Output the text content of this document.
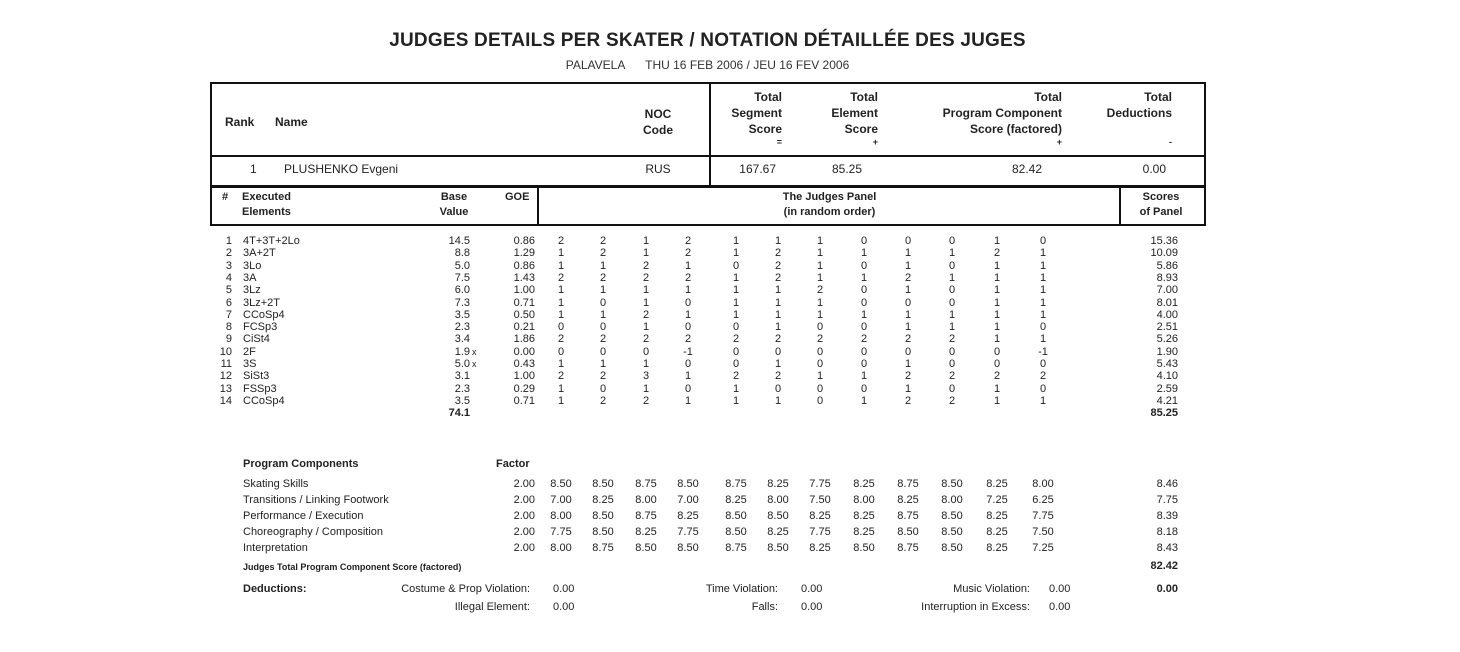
JUDGES DETAILS PER SKATER / NOTATION DÉTAILLÉE DES JUGES
PALAVELA THU 16 FEB 2006 / JEU 16 FEV 2006
Rank Name
NOC
Code
Total
Segment
Score
=
Total
Element
Score
+
Total
Program Component
Score (factored)
+
Total
Deductions
-
1 PLUSHENKO Evgeni	RUS	167.67	85.25	82.42	0.00
# Executed
Elements
Base
Value
GOE	The Judges Panel
(in random order)
Scores
of Panel
1 4T+3T+2Lo	14.5	0.86	2	2	1	2	1	1	1	0	0	0	1	0	15.36
2 3A+2T	8.8	1.29	1	2	1	2	1	2	1	1	1	1	2	1	10.09
3 3Lo	5.0	0.86	1	1	2	1	0	2	1	0	1	0	1	1	5.86
4 3A	7.5	1.43	2	2	2	2	1	2	1	1	2	1	1	1	8.93
5 3Lz	6.0	1.00	1	1	1	1	1	1	2	0	1	0	1	1	7.00
6 3Lz+2T	7.3	0.71	1	0	1	0	1	1	1	0	0	0	1	1	8.01
7 CCoSp4	3.5	0.50	1	1	2	1	1	1	1	1	1	1	1	1	4.00
8 FCSp3	2.3	0.21	0	0	1	0	0	1	0	0	1	1	1	0	2.51
9 CiSt4	3.4	1.86	2	2	2	2	2	2	2	2	2	2	1	1	5.26
10 2F	1.9 x	0.00	0	0	0	-1	0	0	0	0	0	0	0	-1	1.90
11 3S	5.0 x	0.43	1	1	1	0	0	1	0	0	1	0	0	0	5.43
12 SiSt3	3.1	1.00	2	2	3	1	2	2	1	1	2	2	2	2	4.10
13 FSSp3	2.3	0.29	1	0	1	0	1	0	0	0	1	0	1	0	2.59
14 CCoSp4	3.5	0.71	1	2	2	1	1	1	0	1	2	2	1	1	4.21
74.1	85.25
Program Components	Factor
Skating Skills	2.00	8.50	8.50	8.75	8.50	8.75	8.25	7.75	8.25	8.75	8.50	8.25	8.00	8.46
Transitions / Linking Footwork	2.00	7.00	8.25	8.00	7.00	8.25	8.00	7.50	8.00	8.25	8.00	7.25	6.25	7.75
Performance / Execution	2.00	8.00	8.50	8.75	8.25	8.50	8.50	8.25	8.25	8.75	8.50	8.25	7.75	8.39
Choreography / Composition	2.00	7.75	8.50	8.25	7.75	8.50	8.25	7.75	8.25	8.50	8.50	8.25	7.50	8.18
Interpretation	2.00	8.00	8.75	8.50	8.50	8.75	8.50	8.25	8.50	8.75	8.50	8.25	7.25	8.43
Judges Total Program Component Score (factored)	82.42
Deductions:	Costume & Prop Violation: 0.00
Illegal Element: 0.00
Time Violation: 0.00
Falls: 0.00
Music Violation: 0.00
Interruption in Excess: 0.00
0.00
